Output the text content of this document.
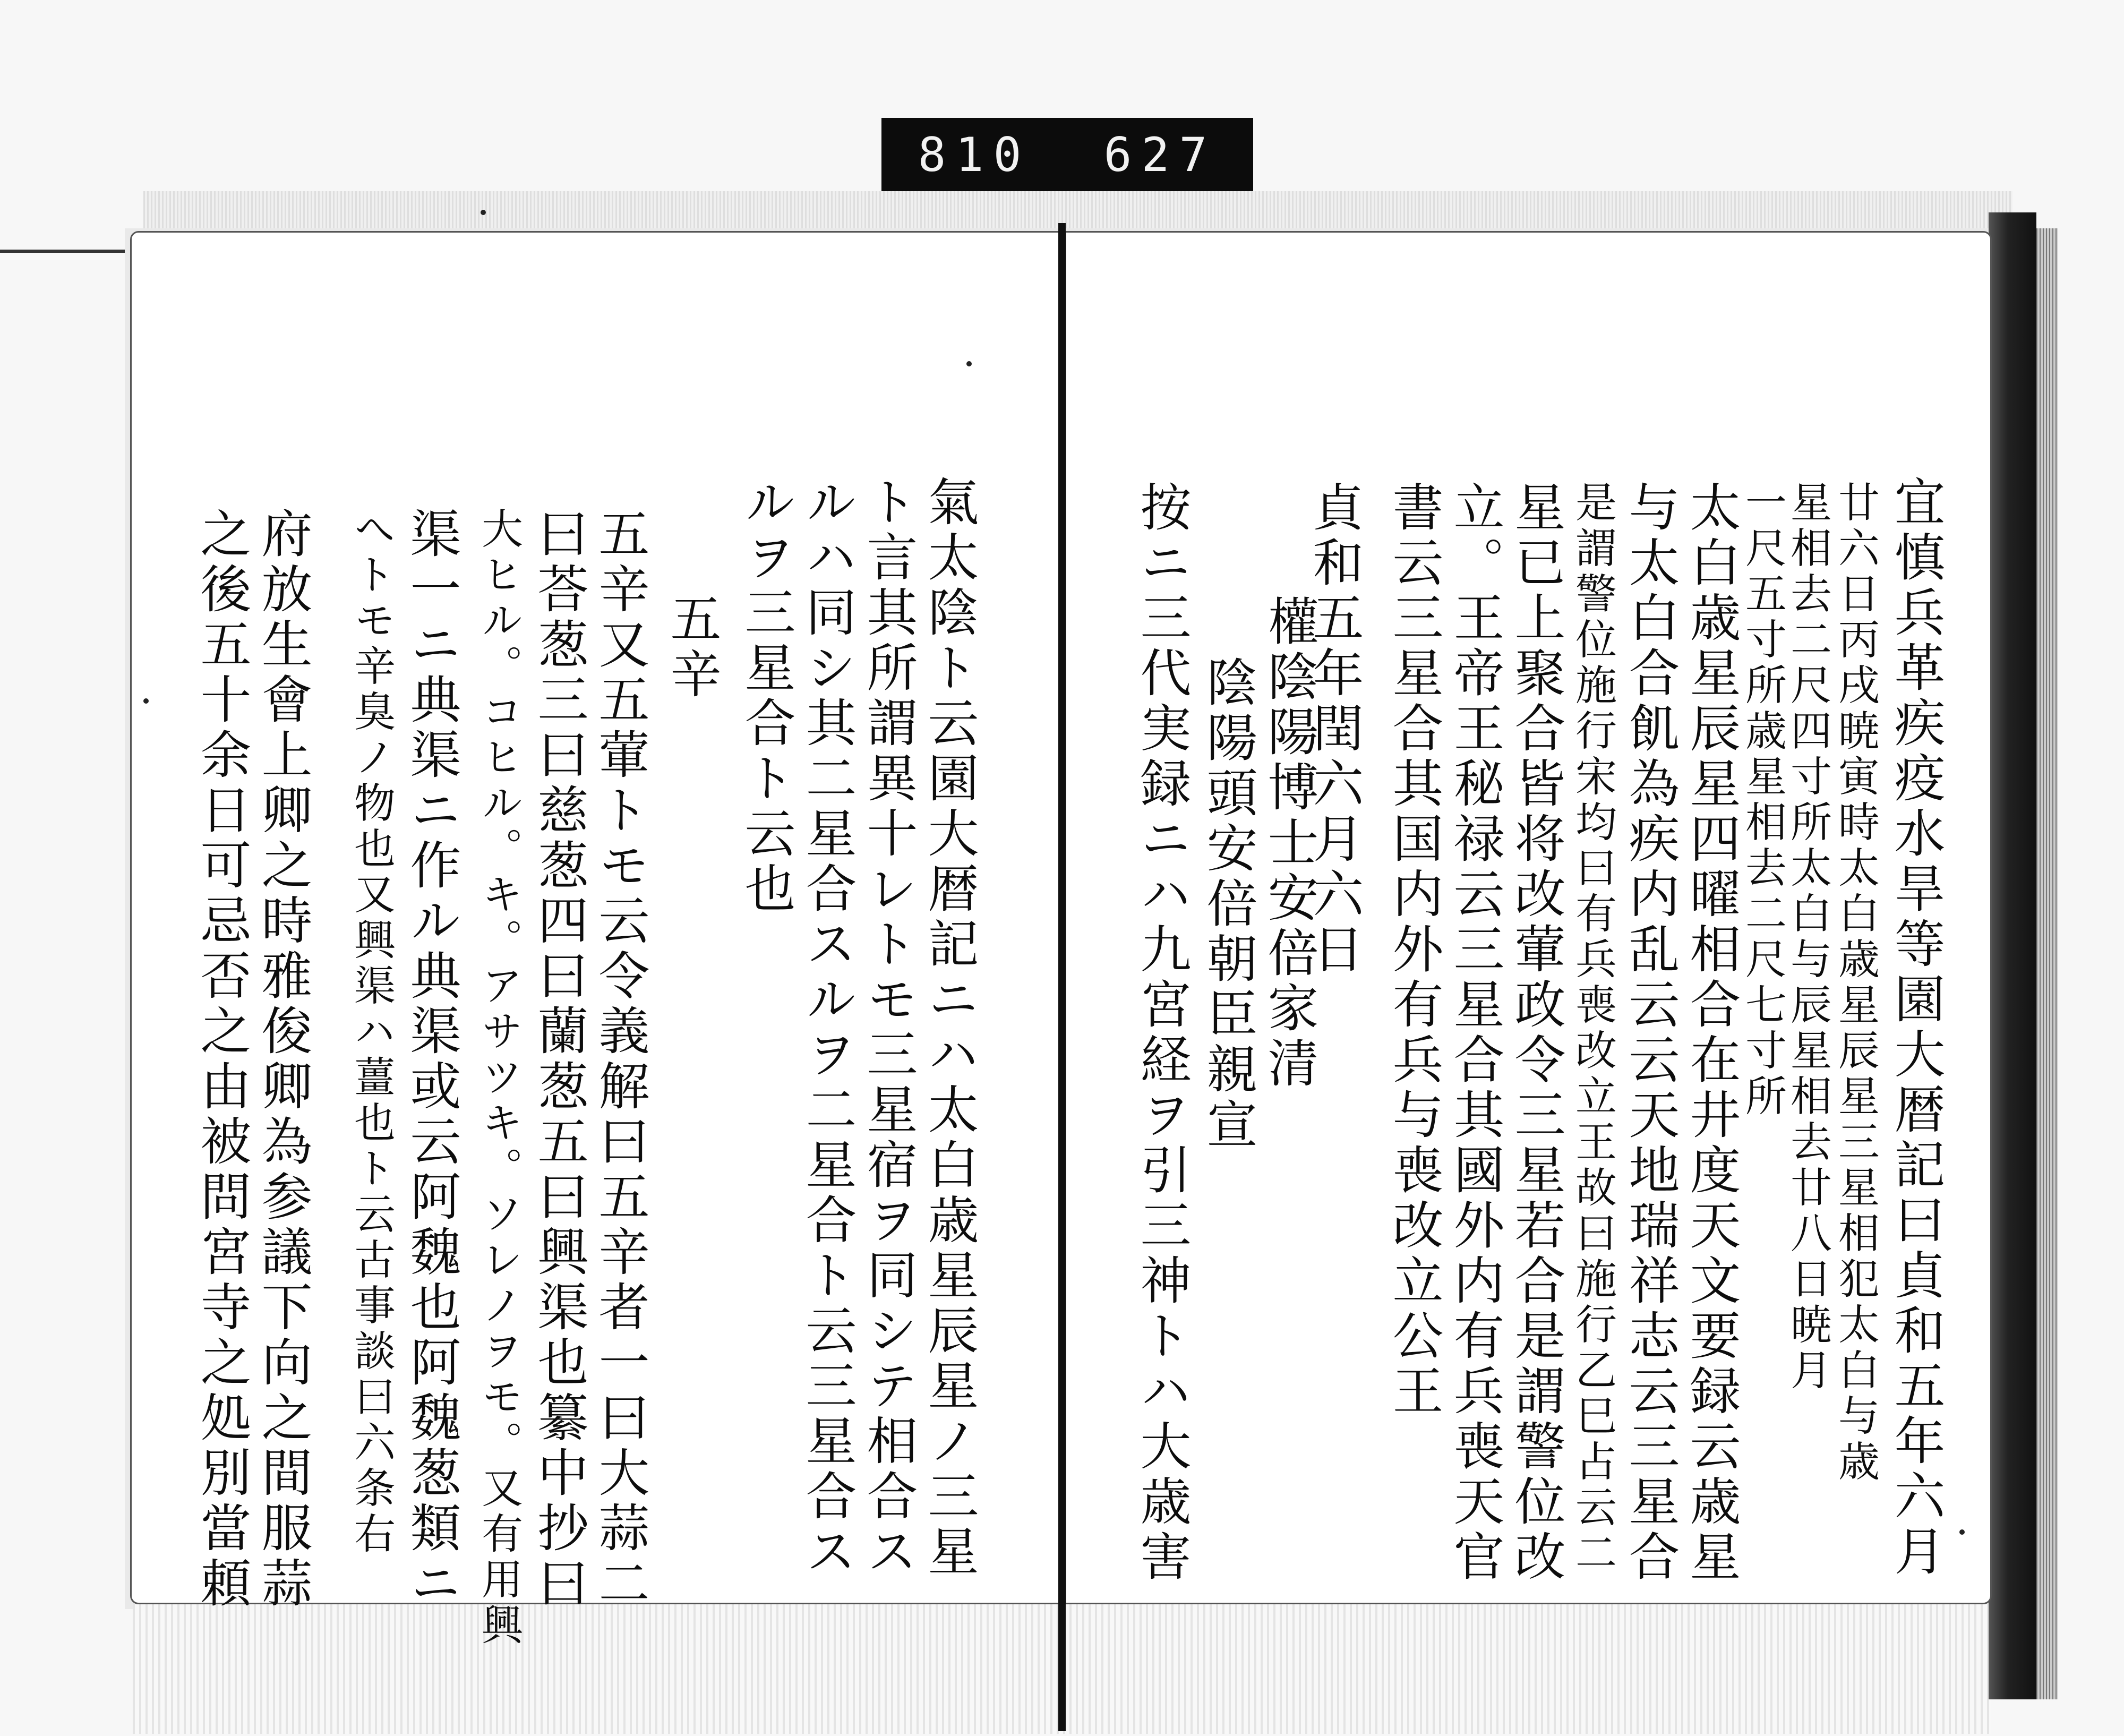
810 627
氣太陰ト云園大暦記ニハ太白歳星辰星ノ三星
ト言其所謂異十レトモ三星宿ヲ同シテ相合ス
ルハ同シ其二星合スルヲ二星合ト云三星合ス
ルヲ三星合ト云也
五辛
五辛又五葷トモ云令義解曰五辛者一曰大蒜二
曰荅葱三曰慈葱四曰蘭葱五曰興渠也纂中抄曰
大ヒル。コヒル。キ。アサツキ。ソレノヲモ。又有用興
渠一ニ典渠ニ作ル典渠或云阿魏也阿魏葱類ニ
へトモ辛臭ノ物也又興渠ハ薑也ト云古事談曰六条右
府放生會上卿之時雅俊卿為参議下向之間服蒜
之後五十余日可忌否之由被問宮寺之処別當頼	宜慎兵革疾疫水旱等園大暦記曰貞和五年六月
廿六日丙戌暁寅時太白歳星辰星三星相犯太白与歳
星相去二尺四寸所太白与辰星相去廿八日暁月
一尺五寸所歳星相去二尺七寸所
太白歳星辰星四曜相合在井度天文要録云歳星
与太白合飢為疾内乱云云天地瑞祥志云三星合
是謂警位施行宋均曰有兵喪改立王故曰施行乙巳占云二
星已上聚合皆将改葷政令三星若合是謂警位改
立。王帝王秘禄云三星合其國外内有兵喪天官
書云三星合其国内外有兵与喪改立公王
貞和五年閏六月六日
權陰陽博士安倍家清
陰陽頭安倍朝臣親宣
按ニ三代実録ニハ九宮経ヲ引三神トハ大歳害
